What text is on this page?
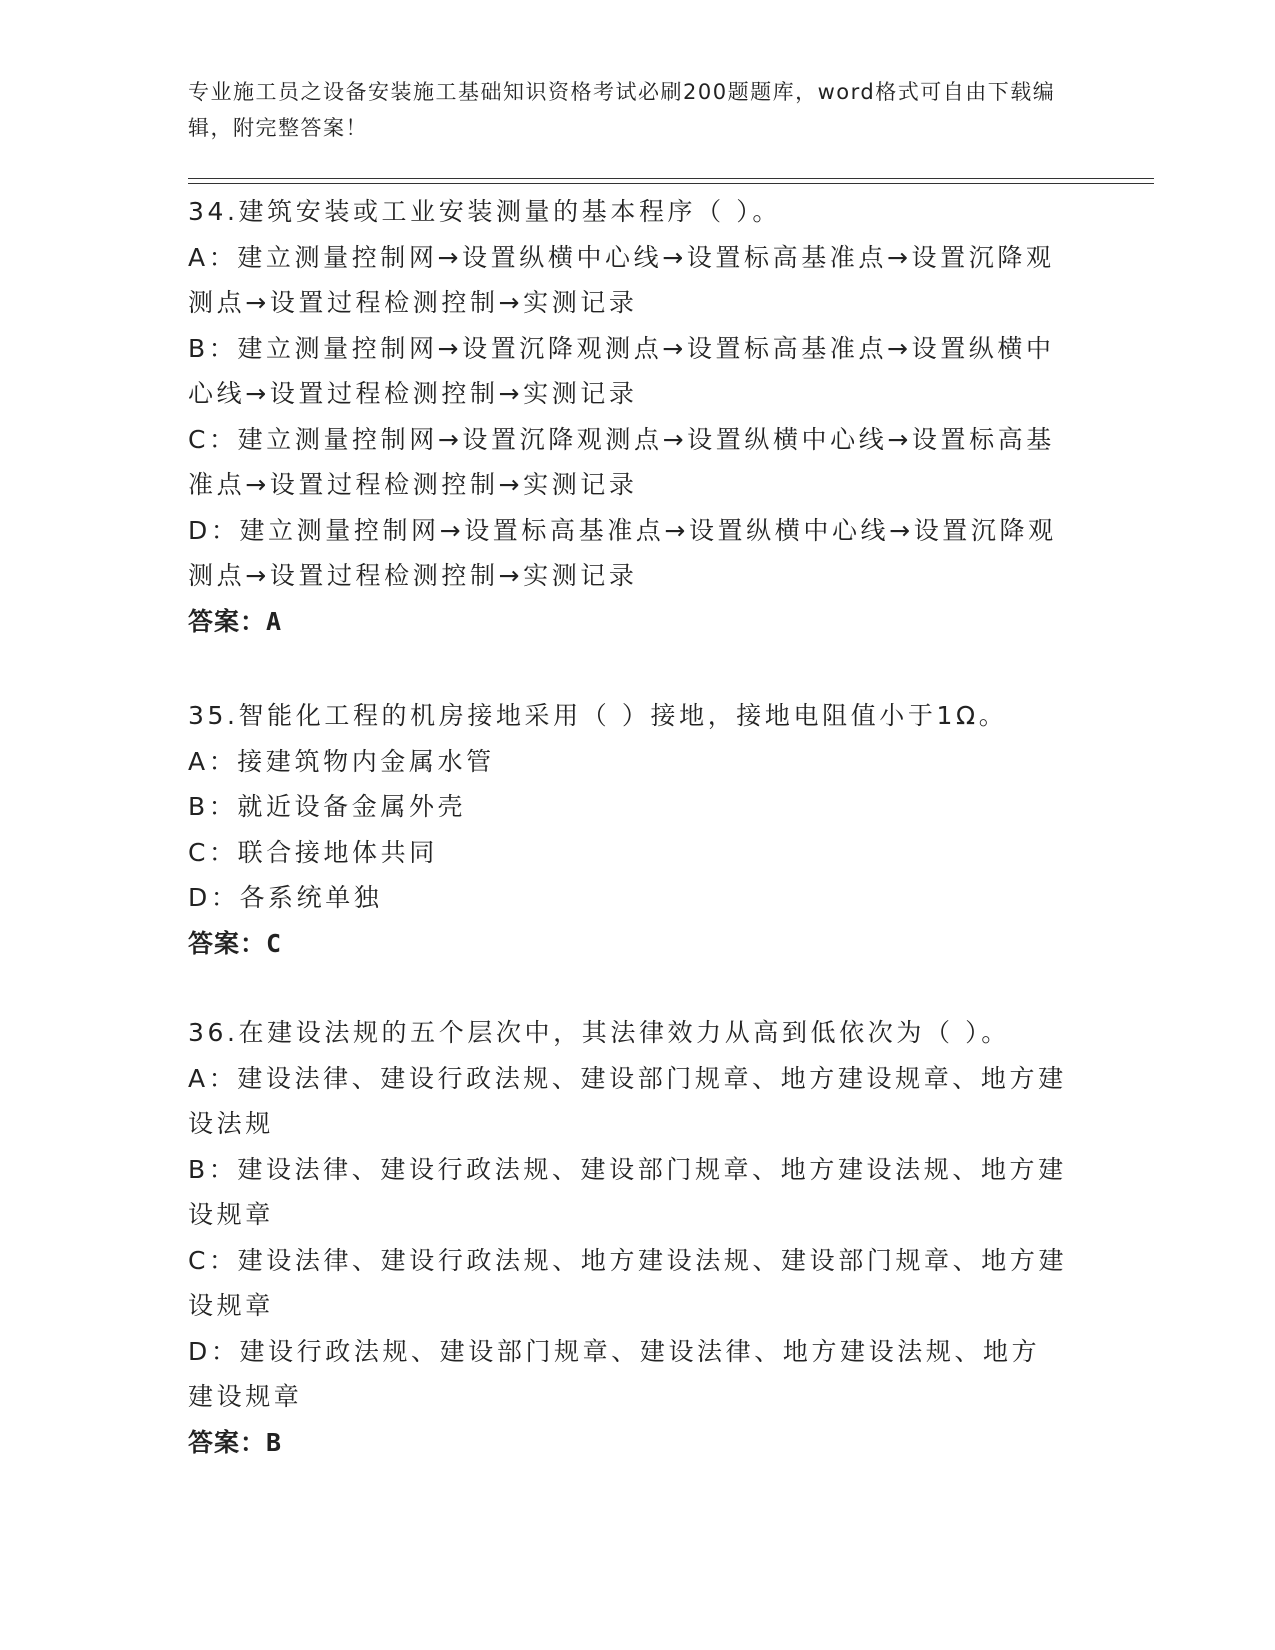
专业施工员之设备安装施工基础知识资格考试必刷200题题库，word格式可自由下载编辑，附完整答案！

34.建筑安装或工业安装测量的基本程序（ ）。

A：建立测量控制网→设置纵横中心线→设置标高基准点→设置沉降观测点→设置过程检测控制→实测记录

B：建立测量控制网→设置沉降观测点→设置标高基准点→设置纵横中心线→设置过程检测控制→实测记录

C：建立测量控制网→设置沉降观测点→设置纵横中心线→设置标高基准点→设置过程检测控制→实测记录

D：建立测量控制网→设置标高基准点→设置纵横中心线→设置沉降观测点→设置过程检测控制→实测记录

答案：A

35.智能化工程的机房接地采用（ ）接地，接地电阻值小于1Ω。

A：接建筑物内金属水管

B：就近设备金属外壳

C：联合接地体共同

D：各系统单独

答案：C

36.在建设法规的五个层次中，其法律效力从高到低依次为（ ）。

A：建设法律、建设行政法规、建设部门规章、地方建设规章、地方建设法规

B：建设法律、建设行政法规、建设部门规章、地方建设法规、地方建设规章

C：建设法律、建设行政法规、地方建设法规、建设部门规章、地方建设规章

D：建设行政法规、建设部门规章、建设法律、地方建设法规、地方建设规章

答案：B
